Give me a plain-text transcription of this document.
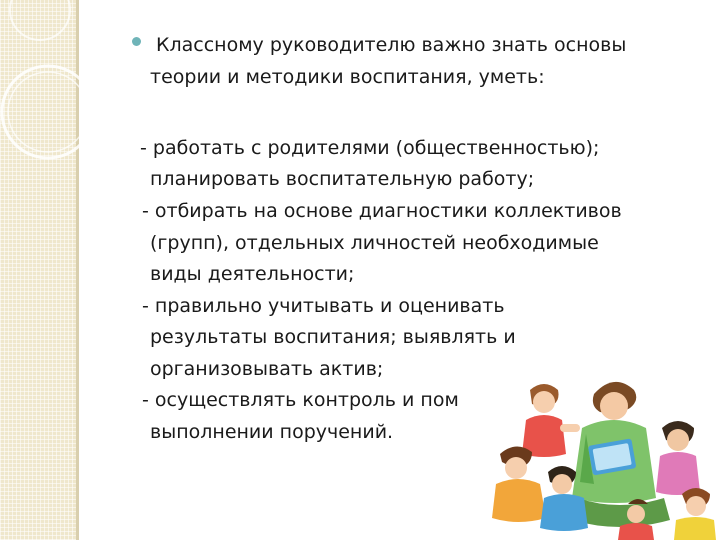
Классному руководителю важно знать основы
теории и методики воспитания, уметь:
- работать с родителями (общественностью);
планировать воспитательную работу;
- отбирать на основе диагностики коллективов
(групп), отдельных личностей необходимые
виды деятельности;
- правильно учитывать и оценивать
результаты воспитания; выявлять и
организовывать актив;
- осуществлять контроль и пом
выполнении поручений.
